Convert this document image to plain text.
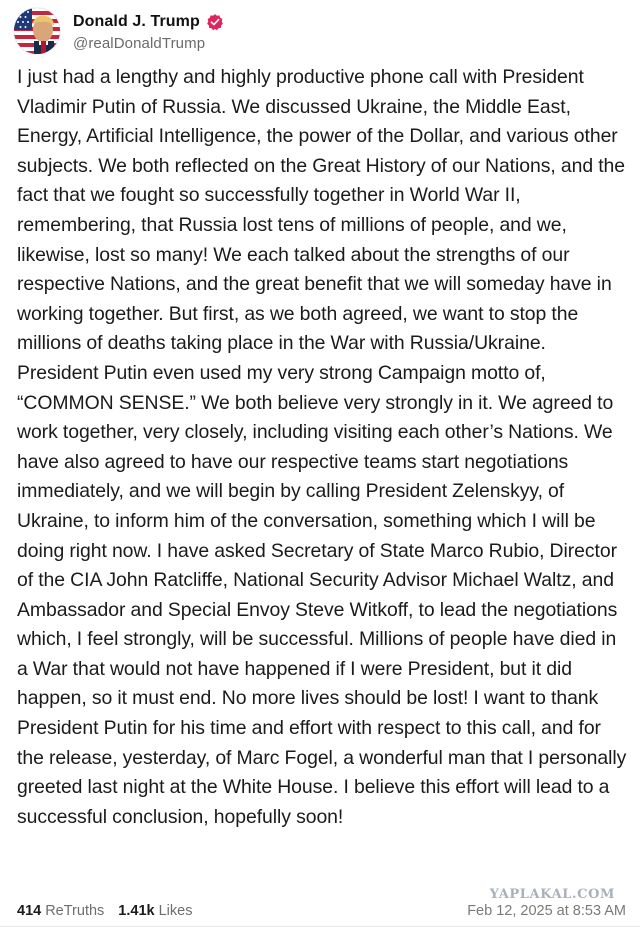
Donald J. Trump
@realDonaldTrump
I just had a lengthy and highly productive phone call with President Vladimir Putin of Russia. We discussed Ukraine, the Middle East, Energy, Artificial Intelligence, the power of the Dollar, and various other subjects. We both reflected on the Great History of our Nations, and the fact that we fought so successfully together in World War II, remembering, that Russia lost tens of millions of people, and we, likewise, lost so many! We each talked about the strengths of our respective Nations, and the great benefit that we will someday have in working together. But first, as we both agreed, we want to stop the millions of deaths taking place in the War with Russia/Ukraine. President Putin even used my very strong Campaign motto of, “COMMON SENSE.” We both believe very strongly in it. We agreed to work together, very closely, including visiting each other’s Nations. We have also agreed to have our respective teams start negotiations immediately, and we will begin by calling President Zelenskyy, of Ukraine, to inform him of the conversation, something which I will be doing right now. I have asked Secretary of State Marco Rubio, Director of the CIA John Ratcliffe, National Security Advisor Michael Waltz, and Ambassador and Special Envoy Steve Witkoff, to lead the negotiations which, I feel strongly, will be successful. Millions of people have died in a War that would not have happened if I were President, but it did happen, so it must end. No more lives should be lost! I want to thank President Putin for his time and effort with respect to this call, and for the release, yesterday, of Marc Fogel, a wonderful man that I personally greeted last night at the White House. I believe this effort will lead to a successful conclusion, hopefully soon!
YAPLAKAL.COM
414 ReTruths 1.41k Likes	Feb 12, 2025 at 8:53 AM
